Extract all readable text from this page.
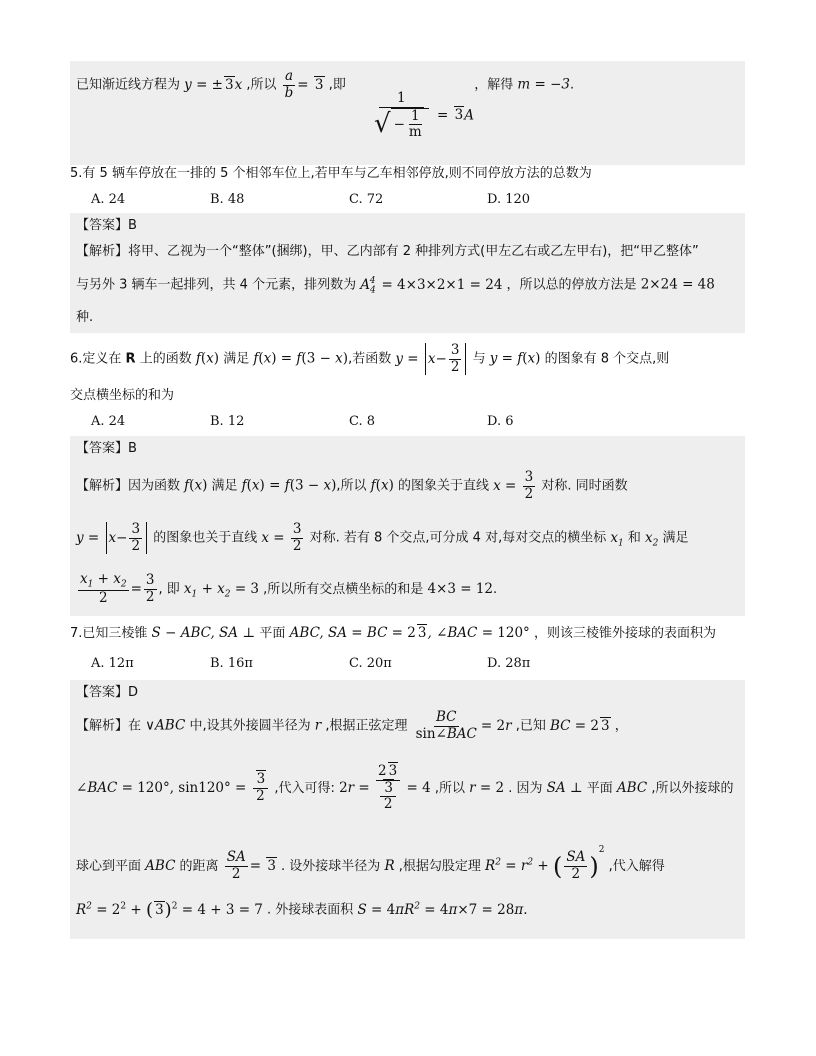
已知渐近线方程为 y = ± 3x ,所以 $\frac{a}{b} = 3$ ,即	，解得 m = −3.
$\frac{1}{√ - \frac{1}{m}} = 3A$
5.有 5 辆车停放在一排的 5 个相邻车位上,若甲车与乙车相邻停放,则不同停放方法的总数为
A. 24	B. 48	C. 72	D. 120
【答案】B
【解析】将甲、乙视为一个“整体”(捆绑)，甲、乙内部有 2 种排列方式(甲左乙右或乙左甲右)，把“甲乙整体”
与另外 3 辆车一起排列，共 4 个元素，排列数为 $A_4^4 = 4\times 3\times 2\times 1 = 24$ ，所以总的停放方法是 2×24 = 48
种.
6.定义在 R 上的函数 f(x) 满足 f(x) = f(3 − x),若函数 $y = x - \frac{3}{2}$ 与 y = f(x) 的图象有 8 个交点,则
交点横坐标的和为
A. 24	B. 12	C. 8	D. 6
【答案】B
【解析】因为函数 f(x) 满足 f(x) = f(3 − x),所以 f(x) 的图象关于直线 $x = \frac{3}{2}$ 对称. 同时函数
$y = x - \frac{3}{2}$ 的图象也关于直线 $x = \frac{3}{2}$ 对称. 若有 8 个交点,可分成 4 对,每对交点的横坐标 $x_1$ 和 $x_2$ 满足
$\frac{x_1 + x_2}{2} = \frac{3}{2}$ , 即 $x_1 + x_2 = 3$ ,所以所有交点横坐标的和是 4×3 = 12.
7.已知三棱锥 S − ABC, SA ⊥ 平面 ABC, SA = BC = 2 3, ∠BAC = 120° ，则该三棱锥外接球的表面积为
A. 12π	B. 16π	C. 20π	D. 28π
【答案】D
【解析】在 ∨ABC 中,设其外接圆半径为 r ,根据正弦定理 $\frac{BC}{\text{sin∠BAC}} = 2r$ ,已知 BC = 2 3 ，
∠BAC = 120°, $\sin 120^\circ = \frac{3}{2}$ ,代入可得: $2r = \frac{2 3}{\frac{3}{2}} = 4$ ,所以 r = 2 . 因为 SA ⊥ 平面 ABC ,所以外接球的
球心到平面 ABC 的距离 $\frac{SA}{2} = 3$ . 设外接球半径为 R ,根据勾股定理 $R^2 = r^2$ + ( $\frac{SA}{2} )^2$ ,代入解得
$R^2 = 2^2$ + ( 3)$^2$ = 4 + 3 = 7 . 外接球表面积 $S = 4\pi R^2 = 4\pi\times 7 = 28\pi$.
